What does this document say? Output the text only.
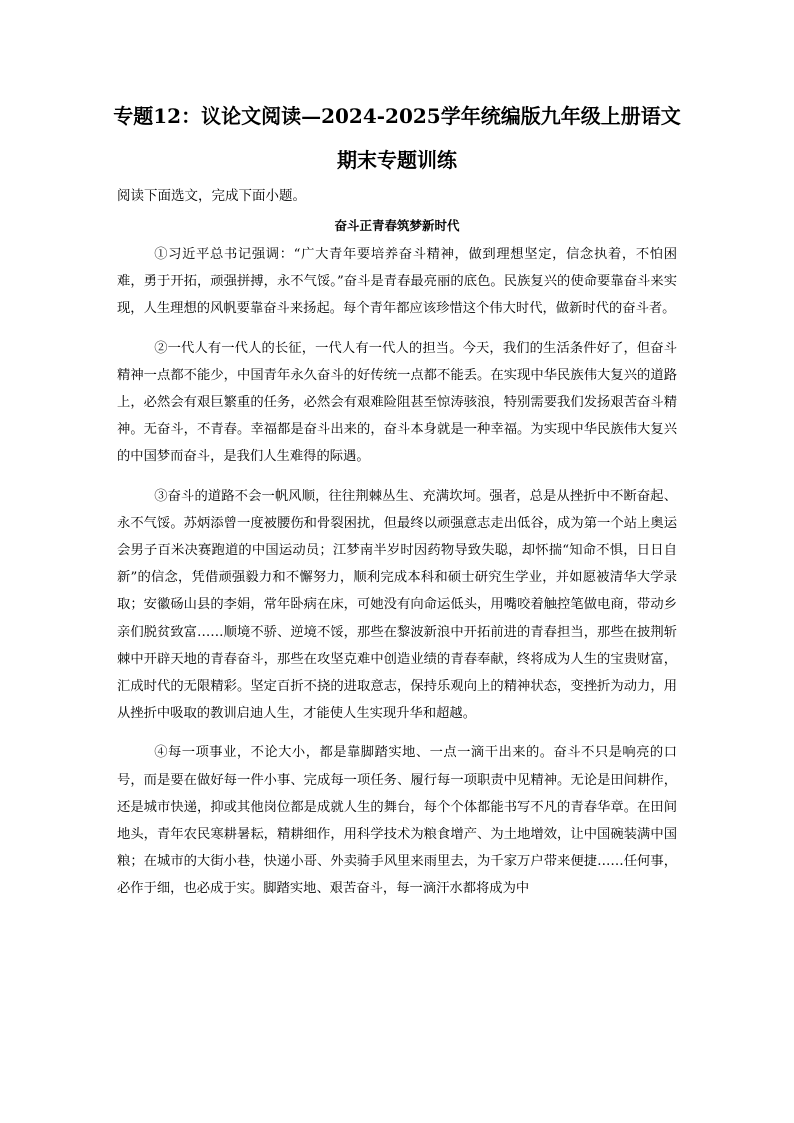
专题12：议论文阅读—2024-2025学年统编版九年级上册语文
期末专题训练

阅读下面选文，完成下面小题。

奋斗正青春筑梦新时代

①习近平总书记强调：“广大青年要培养奋斗精神，做到理想坚定，信念执着，不怕困难，勇于开拓，顽强拼搏，永不气馁。”奋斗是青春最亮丽的底色。民族复兴的使命要靠奋斗来实现，人生理想的风帆要靠奋斗来扬起。每个青年都应该珍惜这个伟大时代，做新时代的奋斗者。

②一代人有一代人的长征，一代人有一代人的担当。今天，我们的生活条件好了，但奋斗精神一点都不能少，中国青年永久奋斗的好传统一点都不能丢。在实现中华民族伟大复兴的道路上，必然会有艰巨繁重的任务，必然会有艰难险阻甚至惊涛骇浪，特别需要我们发扬艰苦奋斗精神。无奋斗，不青春。幸福都是奋斗出来的，奋斗本身就是一种幸福。为实现中华民族伟大复兴的中国梦而奋斗，是我们人生难得的际遇。

③奋斗的道路不会一帆风顺，往往荆棘丛生、充满坎坷。强者，总是从挫折中不断奋起、永不气馁。苏炳添曾一度被腰伤和骨裂困扰，但最终以顽强意志走出低谷，成为第一个站上奥运会男子百米决赛跑道的中国运动员；江梦南半岁时因药物导致失聪，却怀揣“知命不惧，日日自新”的信念，凭借顽强毅力和不懈努力，顺利完成本科和硕士研究生学业，并如愿被清华大学录取；安徽砀山县的李娟，常年卧病在床，可她没有向命运低头，用嘴咬着触控笔做电商，带动乡亲们脱贫致富……顺境不骄、逆境不馁，那些在黎波新浪中开拓前进的青春担当，那些在披荆斩棘中开辟天地的青春奋斗，那些在攻坚克难中创造业绩的青春奉献，终将成为人生的宝贵财富，汇成时代的无限精彩。坚定百折不挠的进取意志，保持乐观向上的精神状态，变挫折为动力，用从挫折中吸取的教训启迪人生，才能使人生实现升华和超越。

④每一项事业，不论大小，都是靠脚踏实地、一点一滴干出来的。奋斗不只是响亮的口号，而是要在做好每一件小事、完成每一项任务、履行每一项职责中见精神。无论是田间耕作，还是城市快递，抑或其他岗位都是成就人生的舞台，每个个体都能书写不凡的青春华章。在田间地头，青年农民寒耕暑耘，精耕细作，用科学技术为粮食增产、为土地增效，让中国碗装满中国粮；在城市的大街小巷，快递小哥、外卖骑手风里来雨里去，为千家万户带来便捷……任何事，必作于细，也必成于实。脚踏实地、艰苦奋斗，每一滴汗水都将成为中
